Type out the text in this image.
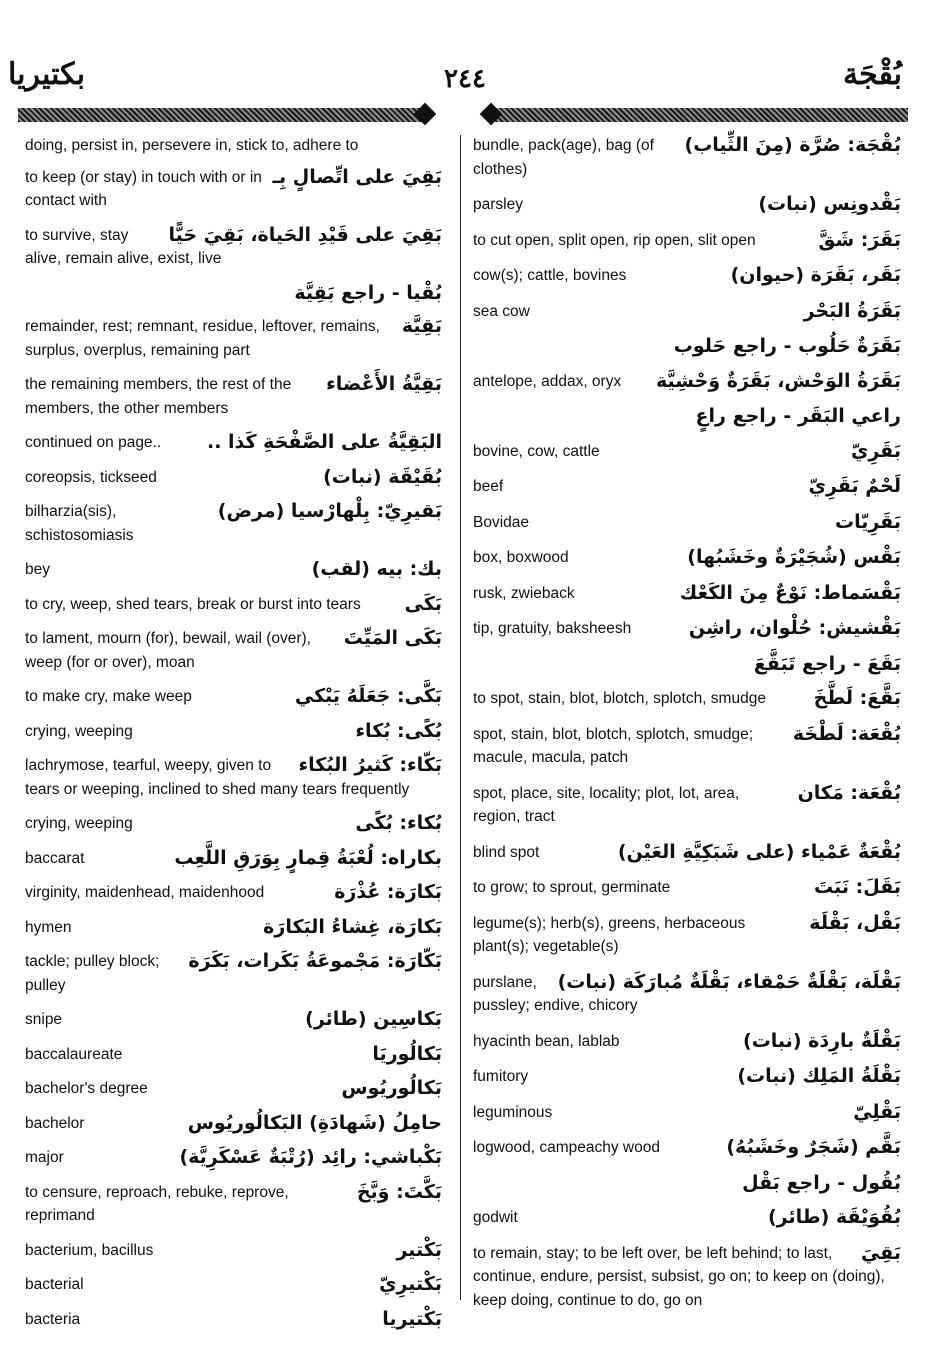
بكتيريا	٢٤٤	بُقْجَة
doing, persist in, persevere in, stick to, adhere to
بَقِيَ على اتِّصالٍ بِـ
to keep (or stay) in touch with or in contact with
بَقِيَ على قَيْدِ الحَياة، بَقِيَ حَيًّا
to survive, stay alive, remain alive, exist, live
بُقْيا - راجع بَقِيَّة
بَقِيَّة
remainder, rest; remnant, residue, leftover, remains, surplus, overplus, remaining part
بَقِيَّةُ الأَعْضاء
the remaining members, the rest of the members, the other members
البَقِيَّةُ على الصَّفْحَةِ كَذا ..
continued on page..
بُقَيْقَة (نبات)
coreopsis, tickseed
بَقيرِيّ: بِلْهارْسيا (مرض)
bilharzia(sis), schistosomiasis
بك: بيه (لقب)
bey
بَكَى
to cry, weep, shed tears, break or burst into tears
بَكَى المَيِّتَ
to lament, mourn (for), bewail, wail (over), weep (for or over), moan
بَكَّى: جَعَلَهُ يَبْكي
to make cry, make weep
بُكًى: بُكاء
crying, weeping
بَكّاء: كَثيرُ البُكاء
lachrymose, tearful, weepy, given to tears or weeping, inclined to shed many tears frequently
بُكاء: بُكًى
crying, weeping
بكاراه: لُعْبَةُ قِمارٍ بِوَرَقِ اللَّعِب
baccarat
بَكارَة: عُذْرَة
virginity, maidenhead, maidenhood
بَكارَة، غِشاءُ البَكارَة
hymen
بَكّارَة: مَجْموعَةُ بَكَرات، بَكَرَة
tackle; pulley block; pulley
بَكاسِين (طائر)
snipe
بَكالُوريَا
baccalaureate
بَكالُوريُوس
bachelor's degree
حامِلُ (شَهادَةِ) البَكالُوريُوس
bachelor
بَكْباشي: رائِد (رُتْبَةٌ عَسْكَرِيَّة)
major
بَكَّتَ: وَبَّخَ
to censure, reproach, rebuke, reprove, reprimand
بَكْتير
bacterium, bacillus
بَكْتيرِيّ
bacterial
بَكْتيريا
bacteria
بُقْجَة: صُرَّة (مِنَ الثِّياب)
bundle, pack(age), bag (of clothes)
بَقْدونِس (نبات)
parsley
بَقَرَ: شَقَّ
to cut open, split open, rip open, slit open
بَقَر، بَقَرَة (حيوان)
cow(s); cattle, bovines
بَقَرَةُ البَحْر
sea cow
بَقَرَةٌ حَلُوب - راجع حَلوب
بَقَرَةُ الوَحْش، بَقَرَةٌ وَحْشِيَّة
antelope, addax, oryx
راعي البَقَر - راجع راعٍ
بَقَرِيّ
bovine, cow, cattle
لَحْمٌ بَقَرِيّ
beef
بَقَرِيّات
Bovidae
بَقْس (شُجَيْرَةٌ وخَشَبُها)
box, boxwood
بَقْسَماط: نَوْعٌ مِنَ الكَعْك
rusk, zwieback
بَقْشيش: حُلْوان، راشِن
tip, gratuity, baksheesh
بَقَعَ - راجع تَبَقَّعَ
بَقَّعَ: لَطَّخَ
to spot, stain, blot, blotch, splotch, smudge
بُقْعَة: لَطْخَة
spot, stain, blot, blotch, splotch, smudge; macule, macula, patch
بُقْعَة: مَكان
spot, place, site, locality; plot, lot, area, region, tract
بُقْعَةٌ عَمْياء (على شَبَكِيَّةِ العَيْن)
blind spot
بَقَلَ: نَبَتَ
to grow; to sprout, germinate
بَقْل، بَقْلَة
legume(s); herb(s), greens, herbaceous plant(s); vegetable(s)
بَقْلَة، بَقْلَةٌ حَمْقاء، بَقْلَةٌ مُبارَكَة (نبات)
purslane, pussley; endive, chicory
بَقْلَةٌ بارِدَة (نبات)
hyacinth bean, lablab
بَقْلَةُ المَلِك (نبات)
fumitory
بَقْلِيّ
leguminous
بَقَّم (شَجَرٌ وخَشَبُهُ)
logwood, campeachy wood
بُقُول - راجع بَقْل
بُقُوَيْقَة (طائر)
godwit
بَقِيَ
to remain, stay; to be left over, be left behind; to last, continue, endure, persist, subsist, go on; to keep on (doing), keep doing, continue to do, go on
